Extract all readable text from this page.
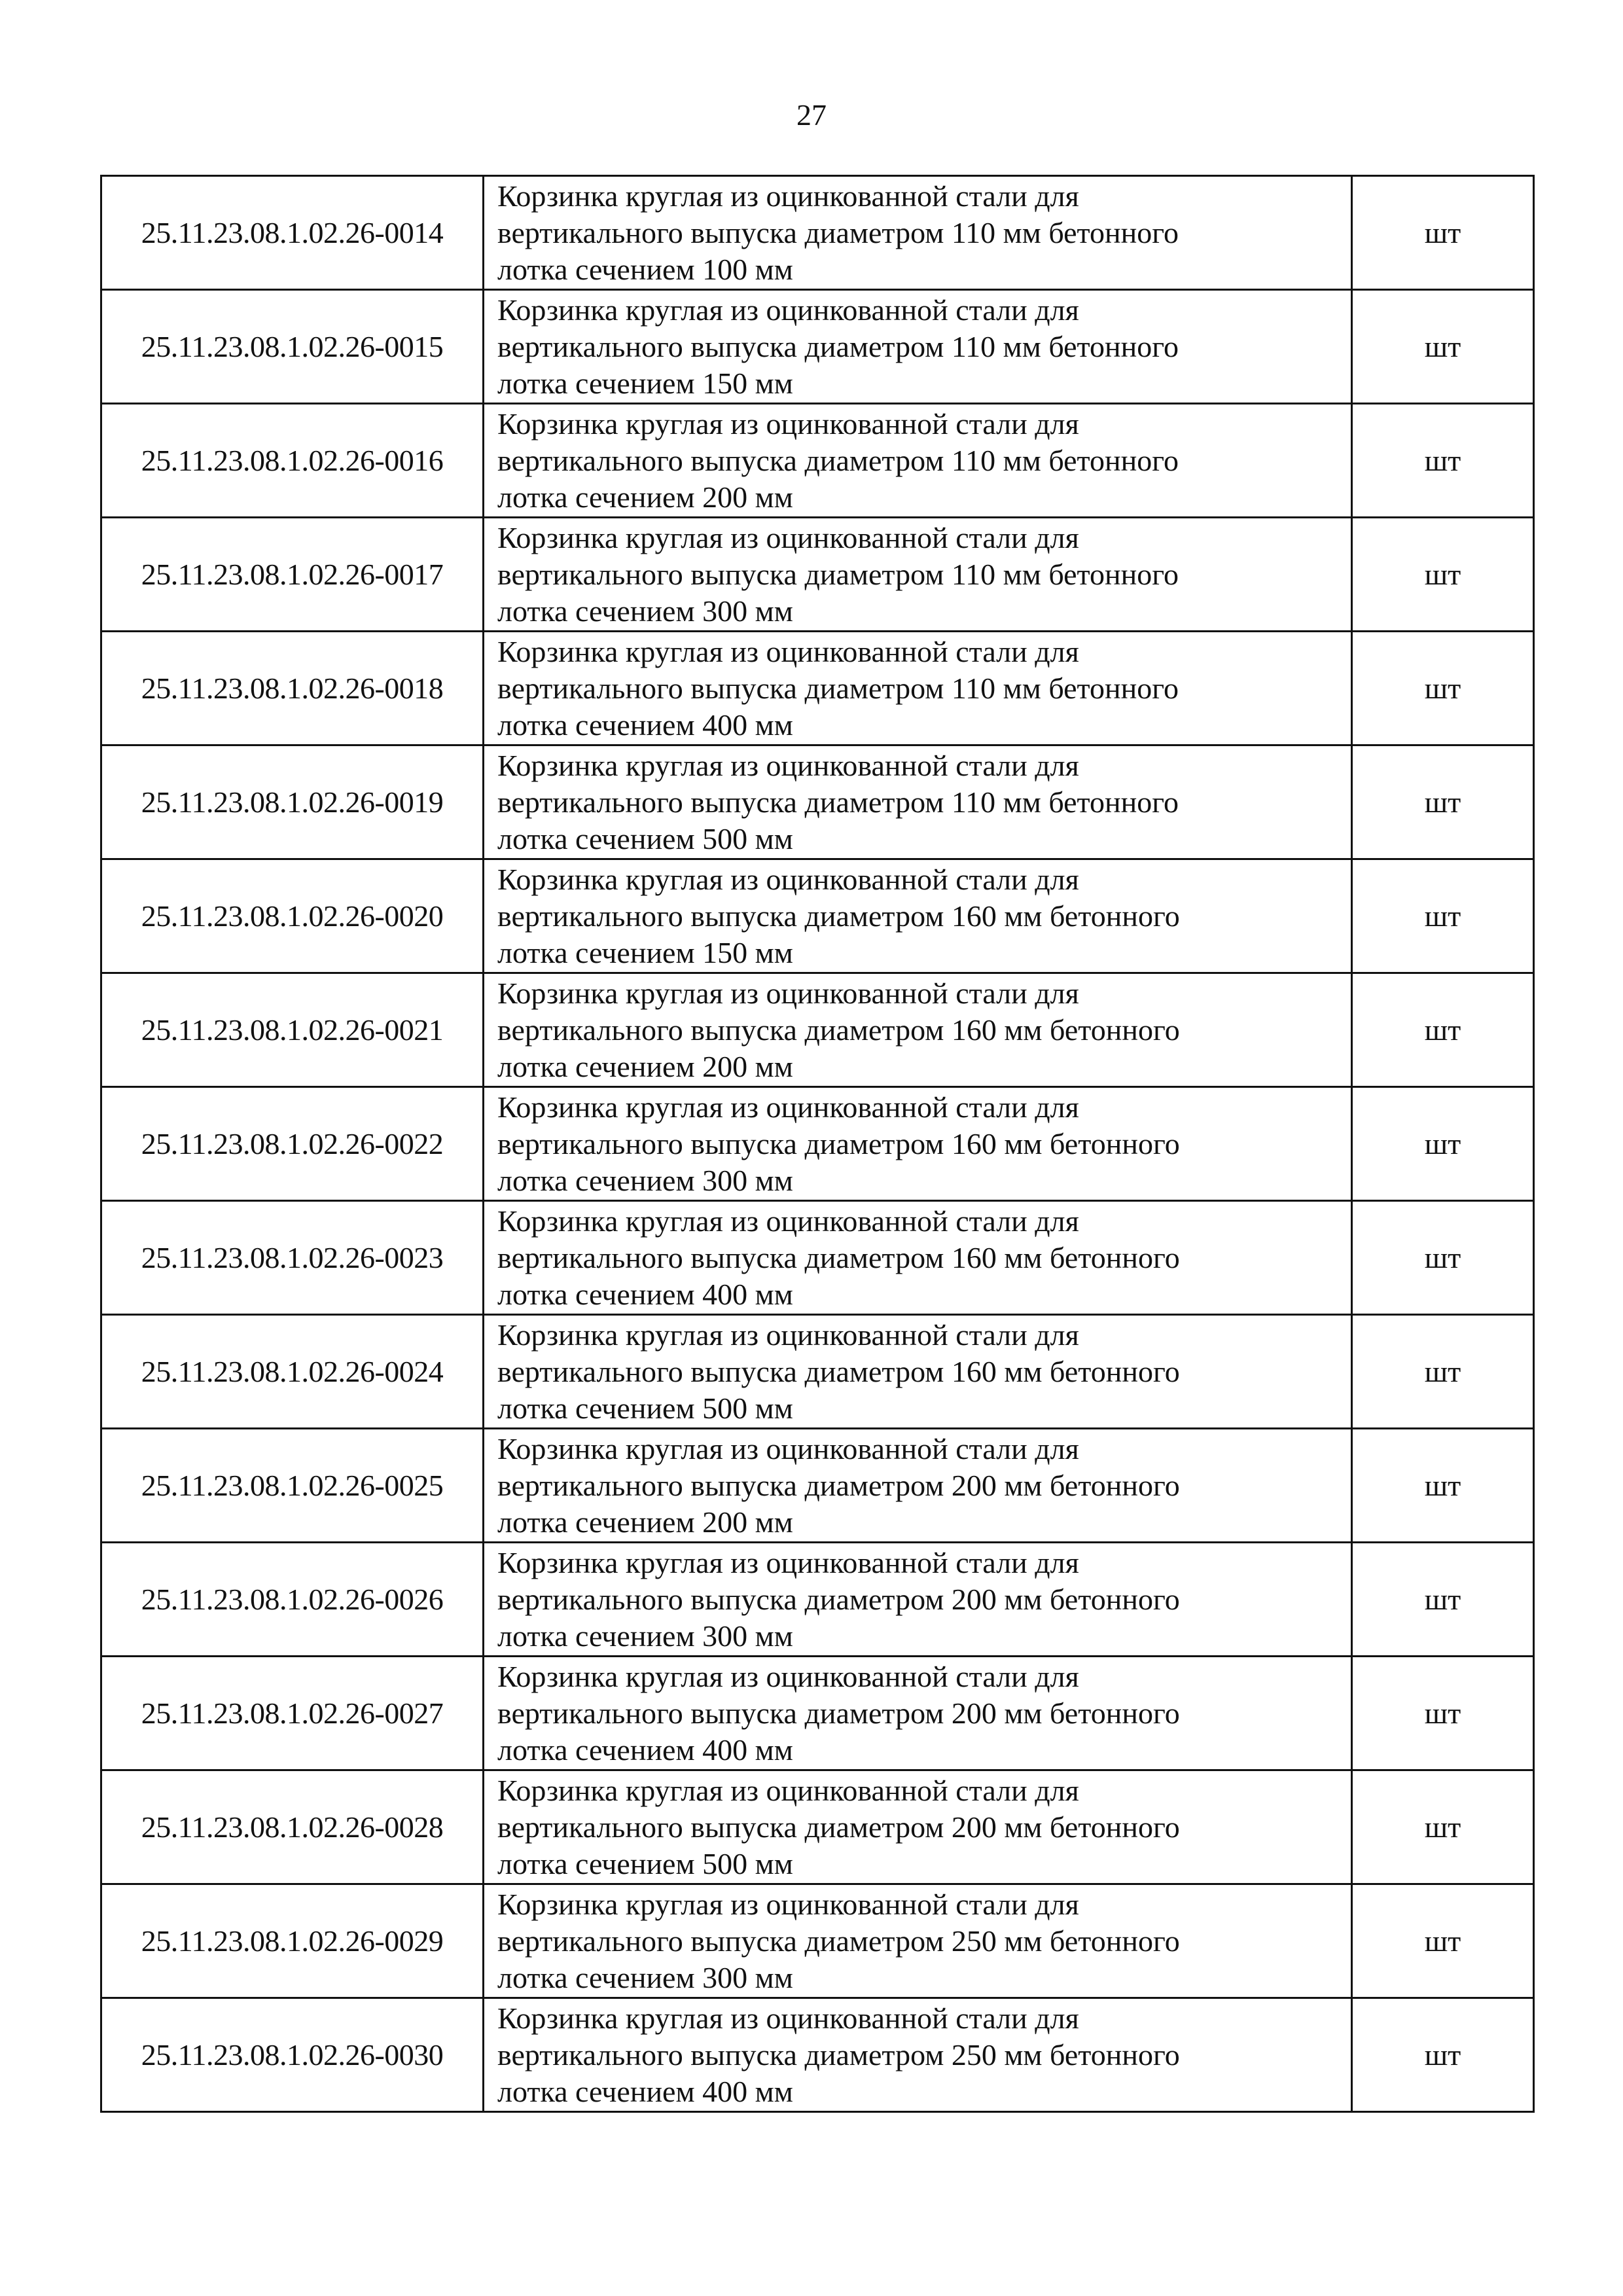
27
25.11.23.08.1.02.26-0014	Корзинка круглая из оцинкованной стали для
вертикального выпуска диаметром 110 мм бетонного
лотка сечением 100 мм	шт
25.11.23.08.1.02.26-0015	Корзинка круглая из оцинкованной стали для
вертикального выпуска диаметром 110 мм бетонного
лотка сечением 150 мм	шт
25.11.23.08.1.02.26-0016	Корзинка круглая из оцинкованной стали для
вертикального выпуска диаметром 110 мм бетонного
лотка сечением 200 мм	шт
25.11.23.08.1.02.26-0017	Корзинка круглая из оцинкованной стали для
вертикального выпуска диаметром 110 мм бетонного
лотка сечением 300 мм	шт
25.11.23.08.1.02.26-0018	Корзинка круглая из оцинкованной стали для
вертикального выпуска диаметром 110 мм бетонного
лотка сечением 400 мм	шт
25.11.23.08.1.02.26-0019	Корзинка круглая из оцинкованной стали для
вертикального выпуска диаметром 110 мм бетонного
лотка сечением 500 мм	шт
25.11.23.08.1.02.26-0020	Корзинка круглая из оцинкованной стали для
вертикального выпуска диаметром 160 мм бетонного
лотка сечением 150 мм	шт
25.11.23.08.1.02.26-0021	Корзинка круглая из оцинкованной стали для
вертикального выпуска диаметром 160 мм бетонного
лотка сечением 200 мм	шт
25.11.23.08.1.02.26-0022	Корзинка круглая из оцинкованной стали для
вертикального выпуска диаметром 160 мм бетонного
лотка сечением 300 мм	шт
25.11.23.08.1.02.26-0023	Корзинка круглая из оцинкованной стали для
вертикального выпуска диаметром 160 мм бетонного
лотка сечением 400 мм	шт
25.11.23.08.1.02.26-0024	Корзинка круглая из оцинкованной стали для
вертикального выпуска диаметром 160 мм бетонного
лотка сечением 500 мм	шт
25.11.23.08.1.02.26-0025	Корзинка круглая из оцинкованной стали для
вертикального выпуска диаметром 200 мм бетонного
лотка сечением 200 мм	шт
25.11.23.08.1.02.26-0026	Корзинка круглая из оцинкованной стали для
вертикального выпуска диаметром 200 мм бетонного
лотка сечением 300 мм	шт
25.11.23.08.1.02.26-0027	Корзинка круглая из оцинкованной стали для
вертикального выпуска диаметром 200 мм бетонного
лотка сечением 400 мм	шт
25.11.23.08.1.02.26-0028	Корзинка круглая из оцинкованной стали для
вертикального выпуска диаметром 200 мм бетонного
лотка сечением 500 мм	шт
25.11.23.08.1.02.26-0029	Корзинка круглая из оцинкованной стали для
вертикального выпуска диаметром 250 мм бетонного
лотка сечением 300 мм	шт
25.11.23.08.1.02.26-0030	Корзинка круглая из оцинкованной стали для
вертикального выпуска диаметром 250 мм бетонного
лотка сечением 400 мм	шт
